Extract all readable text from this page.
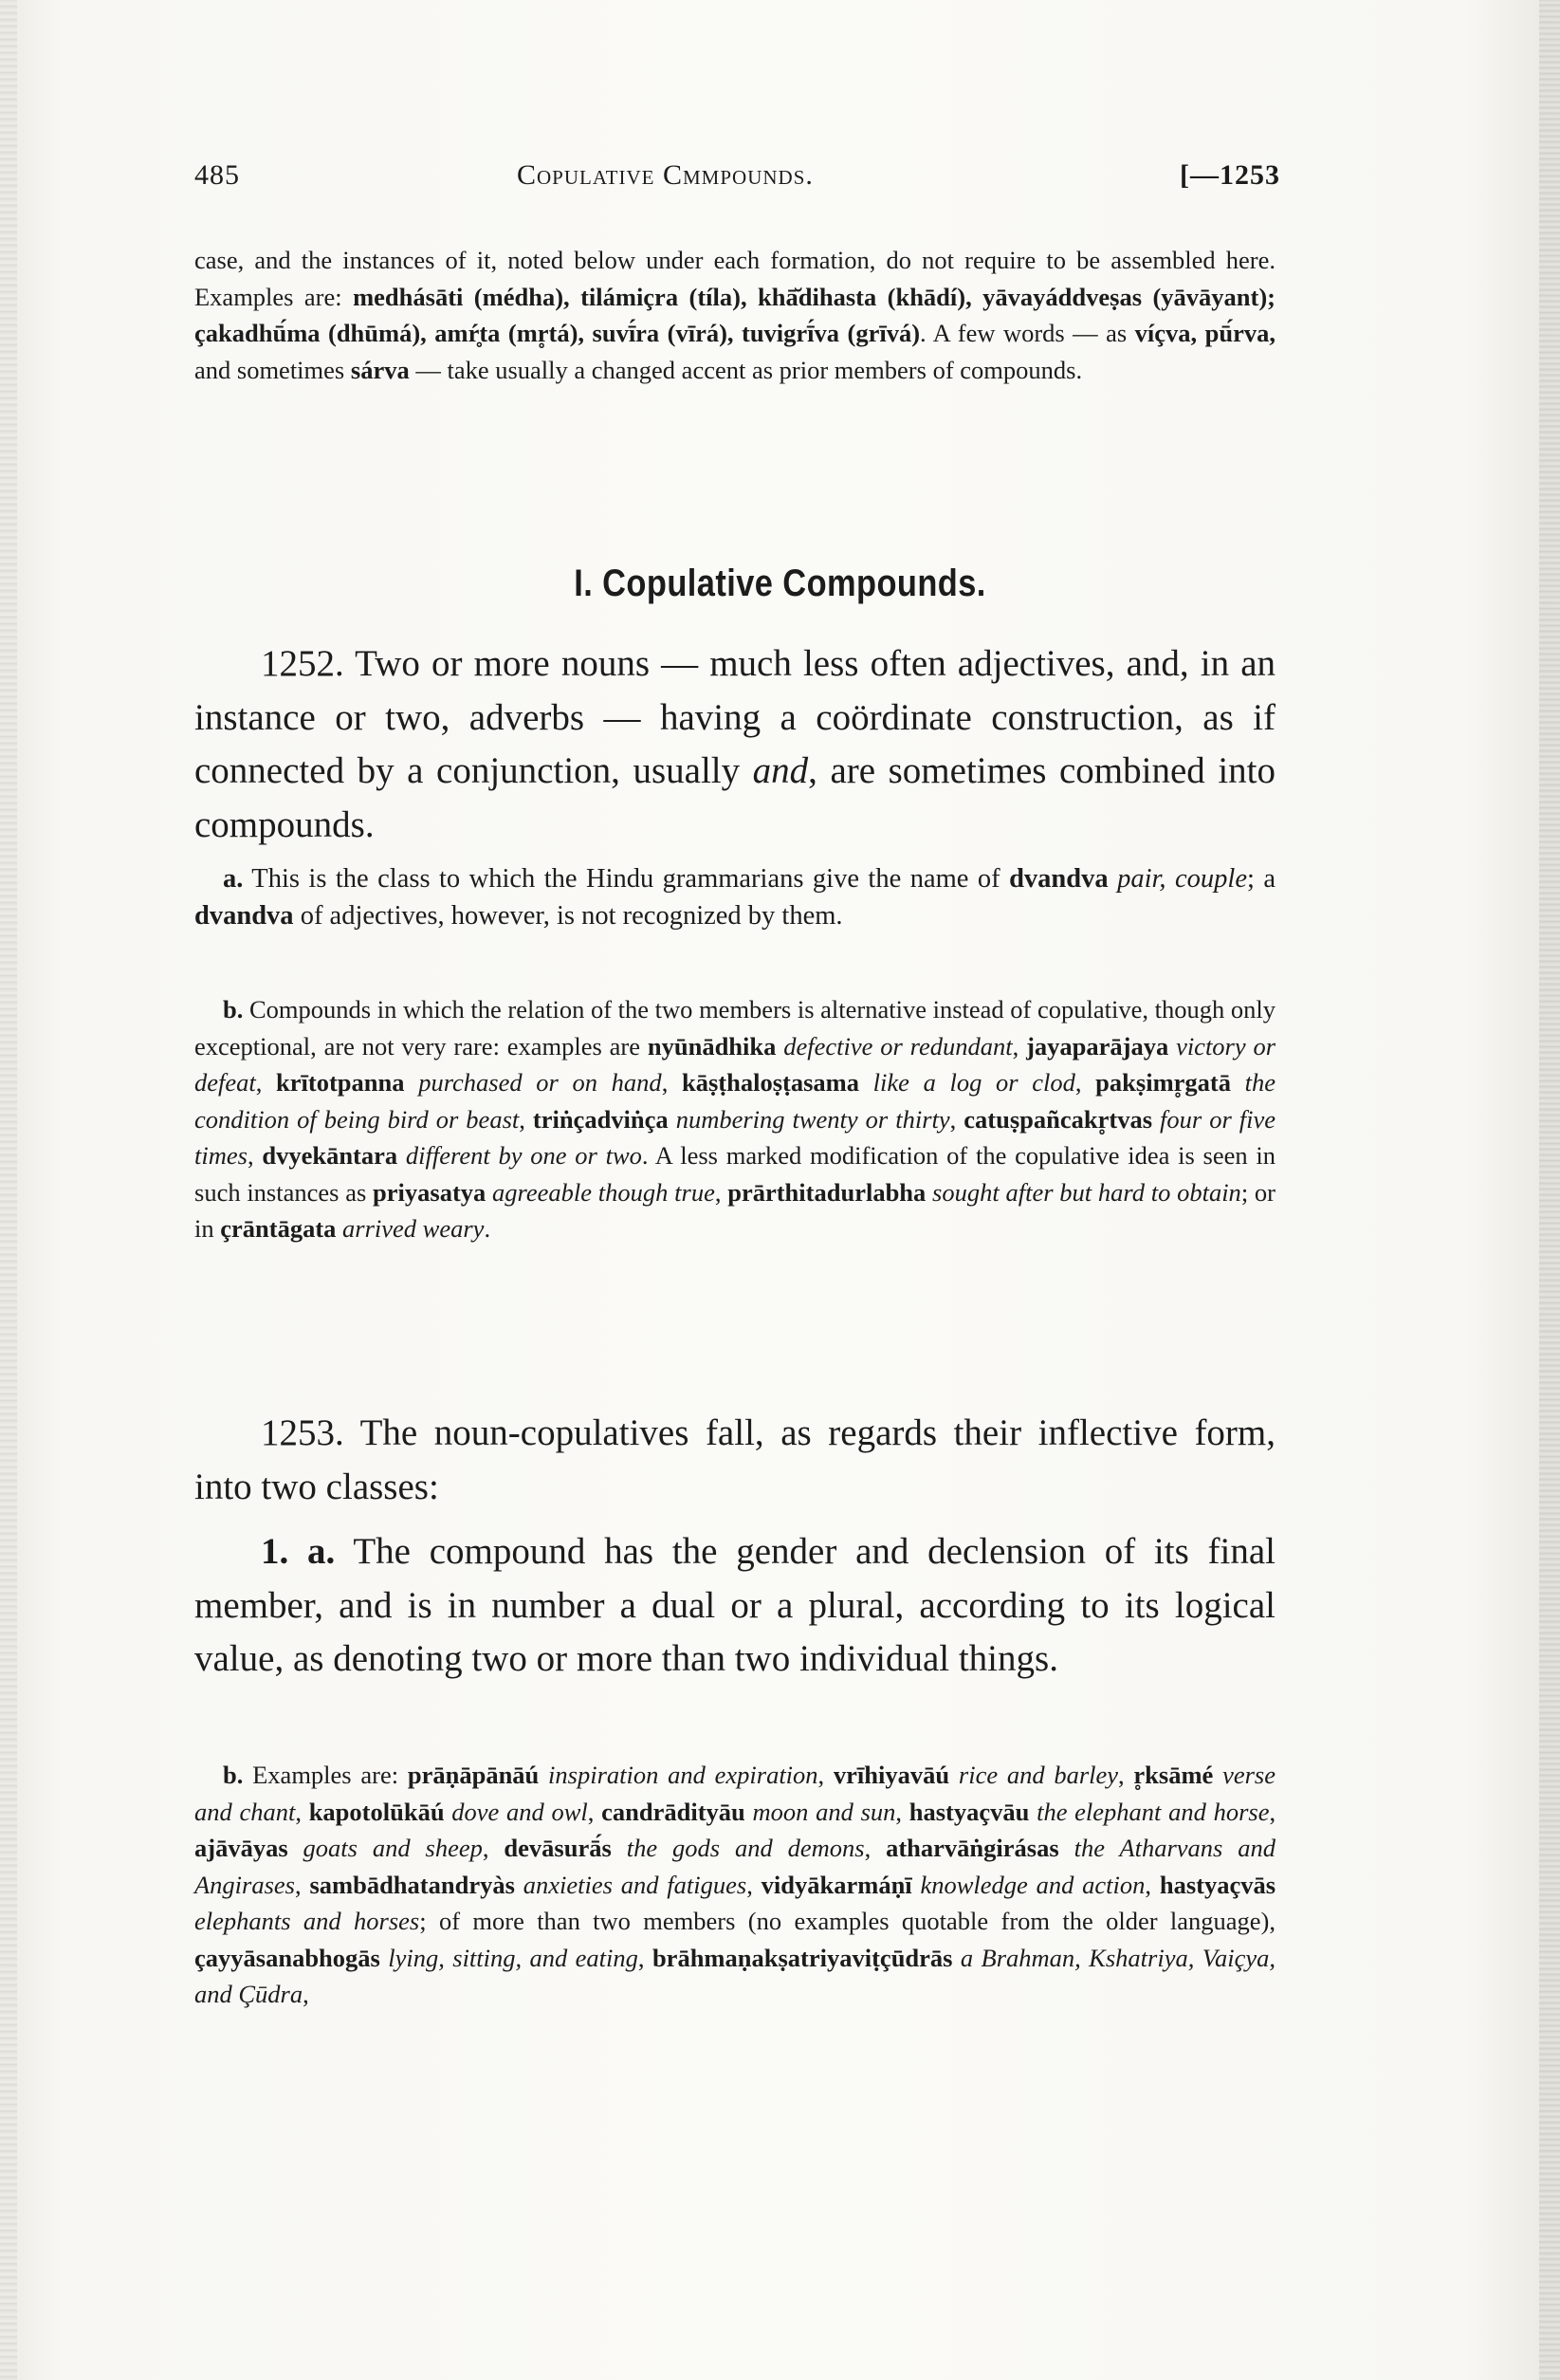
485	Copulative Cmmpounds.	[—1253

case, and the instances of it, noted below under each formation, do not require to be assembled here. Examples are: medhásāti (médha), tilámiçra (tíla), khā̆dihasta (khādí), yāvayáddveṣas (yāvāyant); çakadhū́ma (dhūmá), amŕ̥ta (mr̥tá), suvī́ra (vīrá), tuvigrī́va (grīvá). A few words — as víçva, pū́rva, and sometimes sárva — take usually a changed accent as prior members of compounds.

I. Copulative Compounds.

1252. Two or more nouns — much less often adjectives, and, in an instance or two, adverbs — having a coördinate construction, as if connected by a conjunction, usually and, are sometimes combined into compounds.

a. This is the class to which the Hindu grammarians give the name of dvandva pair, couple; a dvandva of adjectives, however, is not recognized by them.

b. Compounds in which the relation of the two members is alternative instead of copulative, though only exceptional, are not very rare: examples are nyūnādhika defective or redundant, jayaparājaya victory or defeat, krītotpanna purchased or on hand, kāṣṭhaloṣṭasama like a log or clod, pakṣimr̥gatā the condition of being bird or beast, triṅçadviṅça numbering twenty or thirty, catuṣpañcakr̥tvas four or five times, dvyekāntara different by one or two. A less marked modification of the copulative idea is seen in such instances as priyasatya agreeable though true, prārthitadurlabha sought after but hard to obtain; or in çrāntāgata arrived weary.

1253. The noun-copulatives fall, as regards their inflective form, into two classes:

1. a. The compound has the gender and declension of its final member, and is in number a dual or a plural, according to its logical value, as denoting two or more than two individual things.

b. Examples are: prāṇāpānāú inspiration and expiration, vrīhiyavāú rice and barley, r̥ksāmé verse and chant, kapotolūkāú dove and owl, candrādityāu moon and sun, hastyaçvāu the elephant and horse, ajāvāyas goats and sheep, devāsurā́s the gods and demons, atharvāṅgirásas the Atharvans and Angirases, sambādhatandryàs anxieties and fatigues, vidyākarmáṇī knowledge and action, hastyaçvās elephants and horses; of more than two members (no examples quotable from the older language), çayyāsanabhogās lying, sitting, and eating, brāhmaṇakṣatriyaviṭçūdrās a Brahman, Kshatriya, Vaiçya, and Çūdra,
